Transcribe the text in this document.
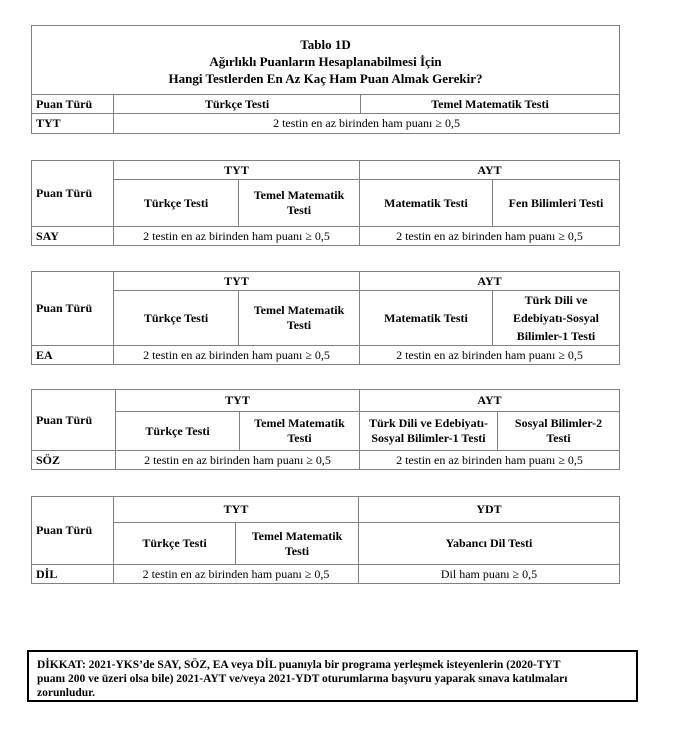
Tablo 1D
Ağırlıklı Puanların Hesaplanabilmesi İçin
Hangi Testlerden En Az Kaç Ham Puan Almak Gerekir?		

Puan Türü	Türkçe Testi	Temel Matematik Testi
TYT	2 testin en az birinden ham puanı ≥ 0,5	
Puan Türü	TYT		AYT	
	Türkçe Testi	Temel Matematik Testi	Matematik Testi	Fen Bilimleri Testi
SAY	2 testin en az birinden ham puanı ≥ 0,5		2 testin en az birinden ham puanı ≥ 0,5	
Puan Türü	TYT		AYT	
	Türkçe Testi	Temel Matematik Testi	Matematik Testi	Türk Dili ve Edebiyatı-Sosyal Bilimler-1 Testi
EA	2 testin en az birinden ham puanı ≥ 0,5		2 testin en az birinden ham puanı ≥ 0,5	
Puan Türü	TYT		AYT	
	Türkçe Testi	Temel Matematik Testi	Türk Dili ve Edebiyatı-Sosyal Bilimler-1 Testi	Sosyal Bilimler-2 Testi
SÖZ	2 testin en az birinden ham puanı ≥ 0,5		2 testin en az birinden ham puanı ≥ 0,5	
Puan Türü	TYT		YDT
	Türkçe Testi	Temel Matematik Testi	Yabancı Dil Testi
DİL	2 testin en az birinden ham puanı ≥ 0,5		Dil ham puanı ≥ 0,5
DİKKAT: 2021-YKS’de SAY, SÖZ, EA veya DİL puanıyla bir programa yerleşmek isteyenlerin (2020-TYT
puanı 200 ve üzeri olsa bile) 2021-AYT ve/veya 2021-YDT oturumlarına başvuru yaparak sınava katılmaları
zorunludur.
